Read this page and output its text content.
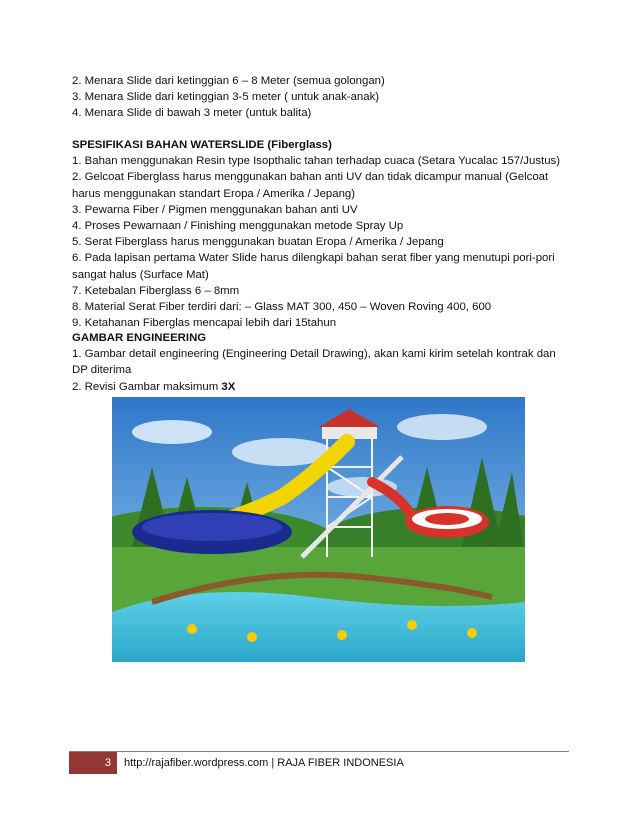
2. Menara Slide dari ketinggian 6 – 8 Meter (semua golongan)
3. Menara Slide dari ketinggian 3-5 meter ( untuk anak-anak)
4. Menara Slide di bawah 3 meter (untuk balita)
SPESIFIKASI BAHAN WATERSLIDE (Fiberglass)
1. Bahan menggunakan Resin type Isopthalic tahan terhadap cuaca (Setara Yucalac 157/Justus)
2. Gelcoat Fiberglass harus menggunakan bahan anti UV dan tidak dicampur manual (Gelcoat
harus menggunakan standart Eropa / Amerika / Jepang)
3. Pewarna Fiber / Pigmen menggunakan bahan anti UV
4. Proses Pewarnaan / Finishing menggunakan metode Spray Up
5. Serat Fiberglass harus menggunakan buatan Eropa / Amerika / Jepang
6. Pada lapisan pertama Water Slide harus dilengkapi bahan serat fiber yang menutupi pori-pori
sangat halus (Surface Mat)
7. Ketebalan Fiberglass 6 – 8mm
8. Material Serat Fiber terdiri dari: – Glass MAT 300, 450 – Woven Roving 400, 600
9. Ketahanan Fiberglas mencapai lebih dari 15tahun
GAMBAR ENGINEERING
1. Gambar detail engineering (Engineering Detail Drawing), akan kami kirim setelah kontrak dan
DP diterima
2. Revisi Gambar maksimum 3X
3	http://rajafiber.wordpress.com | RAJA FIBER INDONESIA
